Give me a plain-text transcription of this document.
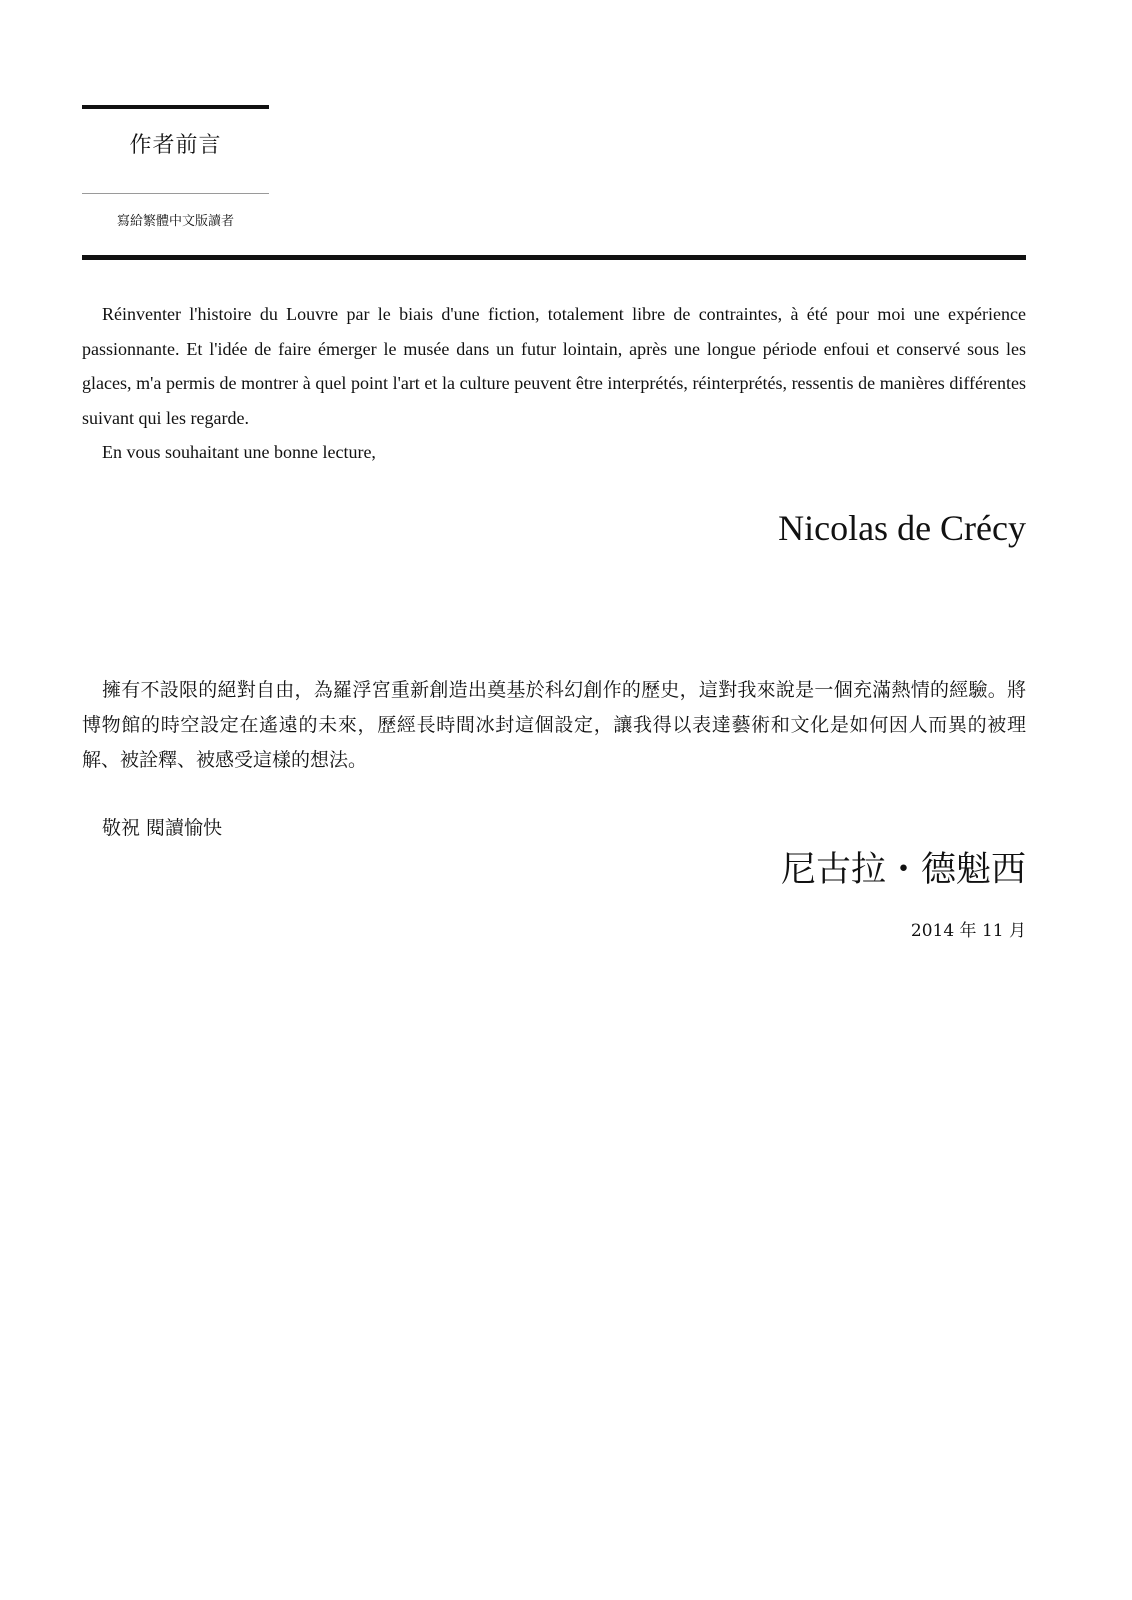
作者前言
寫給繁體中文版讀者

Réinventer l'histoire du Louvre par le biais d'une fiction, totalement libre de contraintes, à été pour moi une expérience passionnante. Et l'idée de faire émerger le musée dans un futur lointain, après une longue période enfoui et conservé sous les glaces, m'a permis de montrer à quel point l'art et la culture peuvent être interprétés, réinterprétés, ressentis de manières différentes suivant qui les regarde.

En vous souhaitant une bonne lecture,

Nicolas de Crécy

擁有不設限的絕對自由，為羅浮宮重新創造出奠基於科幻創作的歷史，這對我來說是一個充滿熱情的經驗。將博物館的時空設定在遙遠的未來，歷經長時間冰封這個設定，讓我得以表達藝術和文化是如何因人而異的被理解、被詮釋、被感受這樣的想法。

敬祝 閱讀愉快
尼古拉・德魁西
2014 年 11 月
